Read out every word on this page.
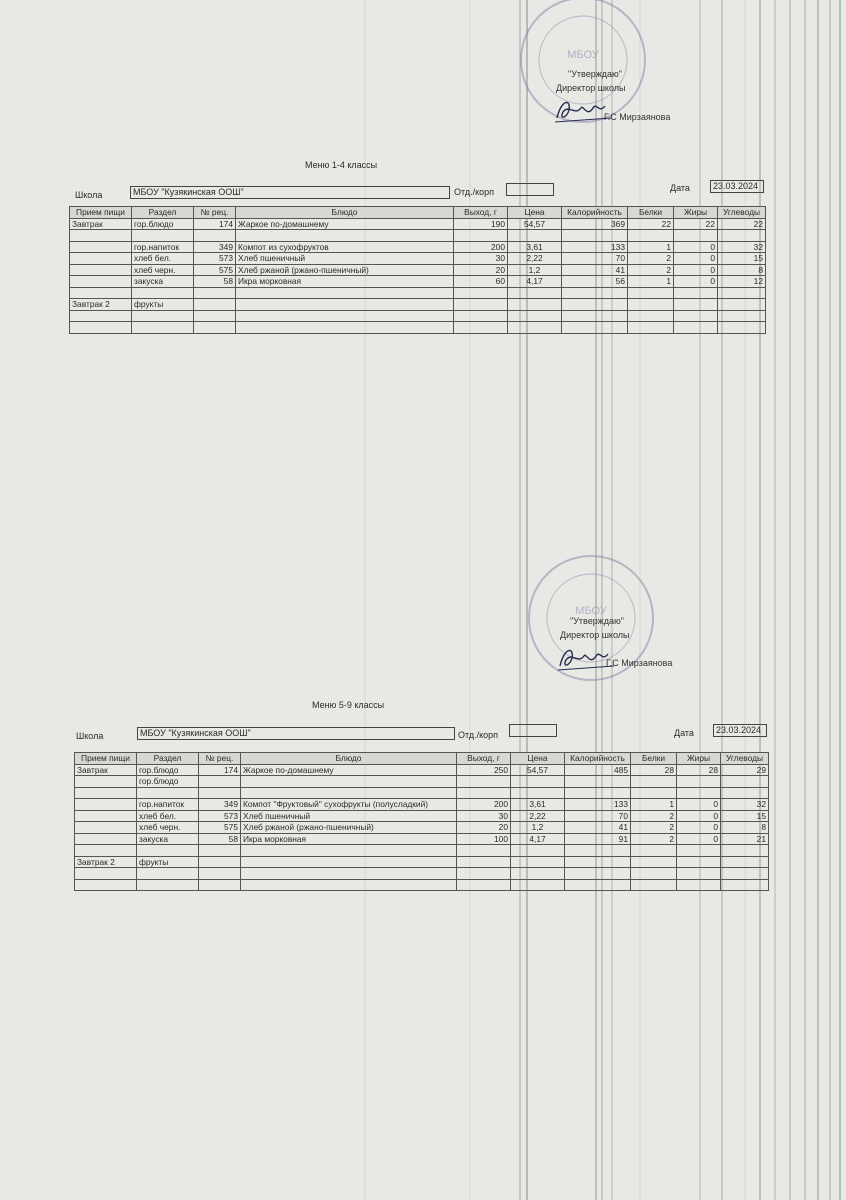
МБОУ
"Утверждаю"
Директор школы
Г.С Мирзаянова
Меню 1-4 классы
Школа	МБОУ "Кузякинская ООШ"	Отд./корп	Дата	23.03.2024
Прием пищи	Раздел	№ рец.	Блюдо	Выход, г	Цена	Калорийность	Белки	Жиры	Углеводы
Завтрак	гор.блюдо	174	Жаркое по-домашнему	190	54,57	369	22	22	22

	гор.напиток	349	Компот из сухофруктов	200	3,61	133	1	0	32
	хлеб бел.	573	Хлеб пшеничный	30	2,22	70	2	0	15
	хлеб черн.	575	Хлеб ржаной (ржано-пшеничный)	20	1,2	41	2	0	8
	закуска	58	Икра морковная	60	4,17	56	1	0	12

Завтрак 2	фрукты								

МБОУ
"Утверждаю"
Директор школы
Г.С Мирзаянова
Меню 5-9 классы
Школа	МБОУ "Кузякинская ООШ"	Отд./корп	Дата	23.03.2024
Прием пищи	Раздел	№ рец.	Блюдо	Выход, г	Цена	Калорийность	Белки	Жиры	Углеводы
Завтрак	гор.блюдо	174	Жаркое по-домашнему	250	54,57	485	28	28	29
	гор.блюдо								

	гор.напиток	349	Компот "Фруктовый" сухофрукты (полусладкий)	200	3,61	133	1	0	32
	хлеб бел.	573	Хлеб пшеничный	30	2,22	70	2	0	15
	хлеб черн.	575	Хлеб ржаной (ржано-пшеничный)	20	1,2	41	2	0	8
	закуска	58	Икра морковная	100	4,17	91	2	0	21

Завтрак 2	фрукты								
